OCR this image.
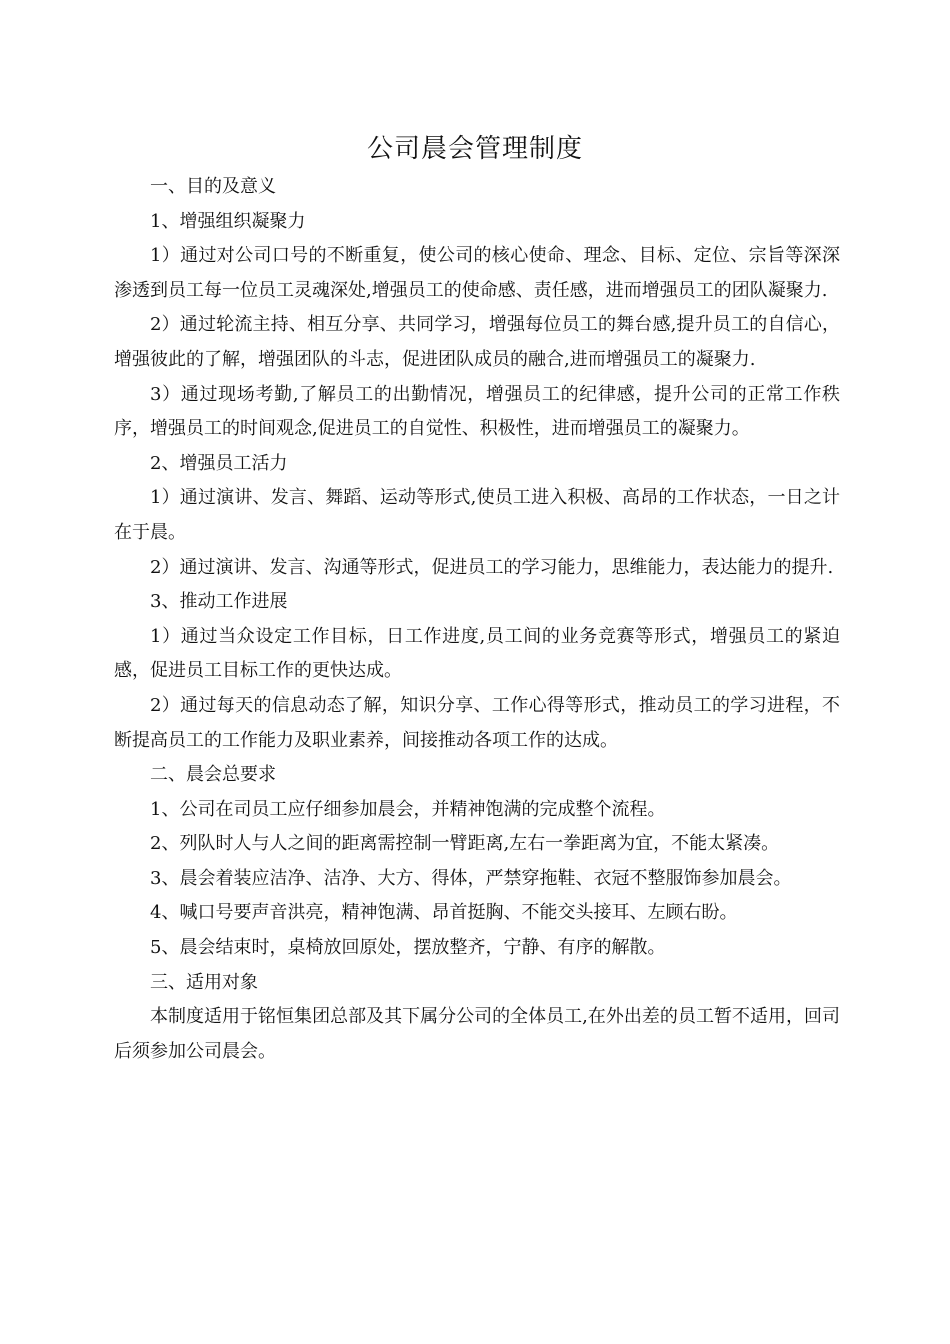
公司晨会管理制度

一、目的及意义

1、增强组织凝聚力

1）通过对公司口号的不断重复，使公司的核心使命、理念、目标、定位、宗旨等深深渗透到员工每一位员工灵魂深处,增强员工的使命感、责任感，进而增强员工的团队凝聚力.

2）通过轮流主持、相互分享、共同学习，增强每位员工的舞台感,提升员工的自信心，增强彼此的了解，增强团队的斗志，促进团队成员的融合,进而增强员工的凝聚力.

3）通过现场考勤,了解员工的出勤情况，增强员工的纪律感，提升公司的正常工作秩序，增强员工的时间观念,促进员工的自觉性、积极性，进而增强员工的凝聚力。

2、增强员工活力

1）通过演讲、发言、舞蹈、运动等形式,使员工进入积极、高昂的工作状态，一日之计在于晨。

2）通过演讲、发言、沟通等形式，促进员工的学习能力，思维能力，表达能力的提升.

3、推动工作进展

1）通过当众设定工作目标，日工作进度,员工间的业务竞赛等形式，增强员工的紧迫感，促进员工目标工作的更快达成。

2）通过每天的信息动态了解，知识分享、工作心得等形式，推动员工的学习进程，不断提高员工的工作能力及职业素养，间接推动各项工作的达成。

二、晨会总要求

1、公司在司员工应仔细参加晨会，并精神饱满的完成整个流程。

2、列队时人与人之间的距离需控制一臂距离,左右一拳距离为宜，不能太紧凑。

3、晨会着装应洁净、洁净、大方、得体，严禁穿拖鞋、衣冠不整服饰参加晨会。

4、喊口号要声音洪亮，精神饱满、昂首挺胸、不能交头接耳、左顾右盼。

5、晨会结束时，桌椅放回原处，摆放整齐，宁静、有序的解散。

三、适用对象

本制度适用于铭恒集团总部及其下属分公司的全体员工,在外出差的员工暂不适用，回司后须参加公司晨会。
